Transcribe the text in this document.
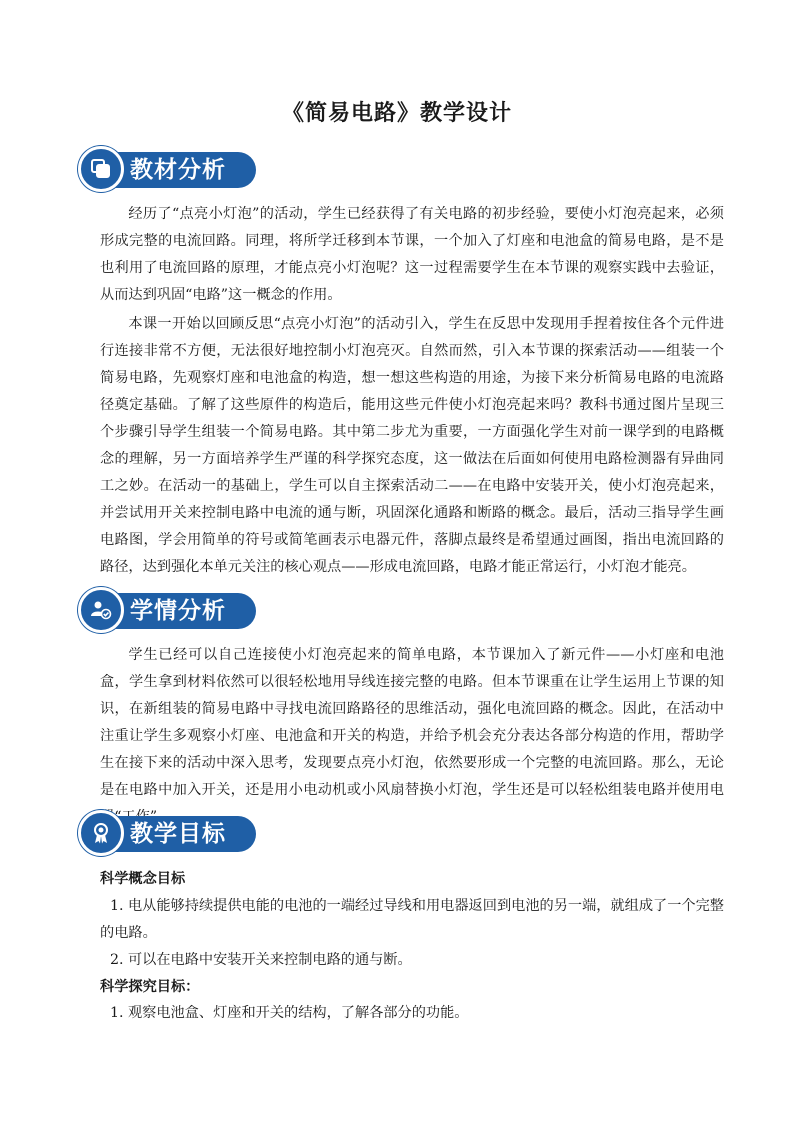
《简易电路》教学设计
教材分析

经历了“点亮小灯泡”的活动，学生已经获得了有关电路的初步经验，要使小灯泡亮起来，必须形成完整的电流回路。同理，将所学迁移到本节课，一个加入了灯座和电池盒的简易电路，是不是也利用了电流回路的原理，才能点亮小灯泡呢？这一过程需要学生在本节课的观察实践中去验证，从而达到巩固“电路”这一概念的作用。

本课一开始以回顾反思“点亮小灯泡”的活动引入，学生在反思中发现用手捏着按住各个元件进行连接非常不方便，无法很好地控制小灯泡亮灭。自然而然，引入本节课的探索活动——组装一个简易电路，先观察灯座和电池盒的构造，想一想这些构造的用途，为接下来分析简易电路的电流路径奠定基础。了解了这些原件的构造后，能用这些元件使小灯泡亮起来吗？教科书通过图片呈现三个步骤引导学生组装一个简易电路。其中第二步尤为重要，一方面强化学生对前一课学到的电路概念的理解，另一方面培养学生严谨的科学探究态度，这一做法在后面如何使用电路检测器有异曲同工之妙。在活动一的基础上，学生可以自主探索活动二——在电路中安装开关，使小灯泡亮起来，并尝试用开关来控制电路中电流的通与断，巩固深化通路和断路的概念。最后，活动三指导学生画电路图，学会用简单的符号或简笔画表示电器元件，落脚点最终是希望通过画图，指出电流回路的路径，达到强化本单元关注的核心观点——形成电流回路，电路才能正常运行，小灯泡才能亮。

学情分析

学生已经可以自己连接使小灯泡亮起来的简单电路，本节课加入了新元件——小灯座和电池盒，学生拿到材料依然可以很轻松地用导线连接完整的电路。但本节课重在让学生运用上节课的知识，在新组装的简易电路中寻找电流回路路径的思维活动，强化电流回路的概念。因此，在活动中注重让学生多观察小灯座、电池盒和开关的构造，并给予机会充分表达各部分构造的作用，帮助学生在接下来的活动中深入思考，发现要点亮小灯泡，依然要形成一个完整的电流回路。那么，无论是在电路中加入开关，还是用小电动机或小风扇替换小灯泡，学生还是可以轻松组装电路并使用电

教学目标
科学概念目标

1. 电从能够持续提供电能的电池的一端经过导线和用电器返回到电池的另一端，就组成了一个完整的电路。

2. 可以在电路中安装开关来控制电路的通与断。

科学探究目标：

1. 观察电池盒、灯座和开关的结构，了解各部分的功能。
